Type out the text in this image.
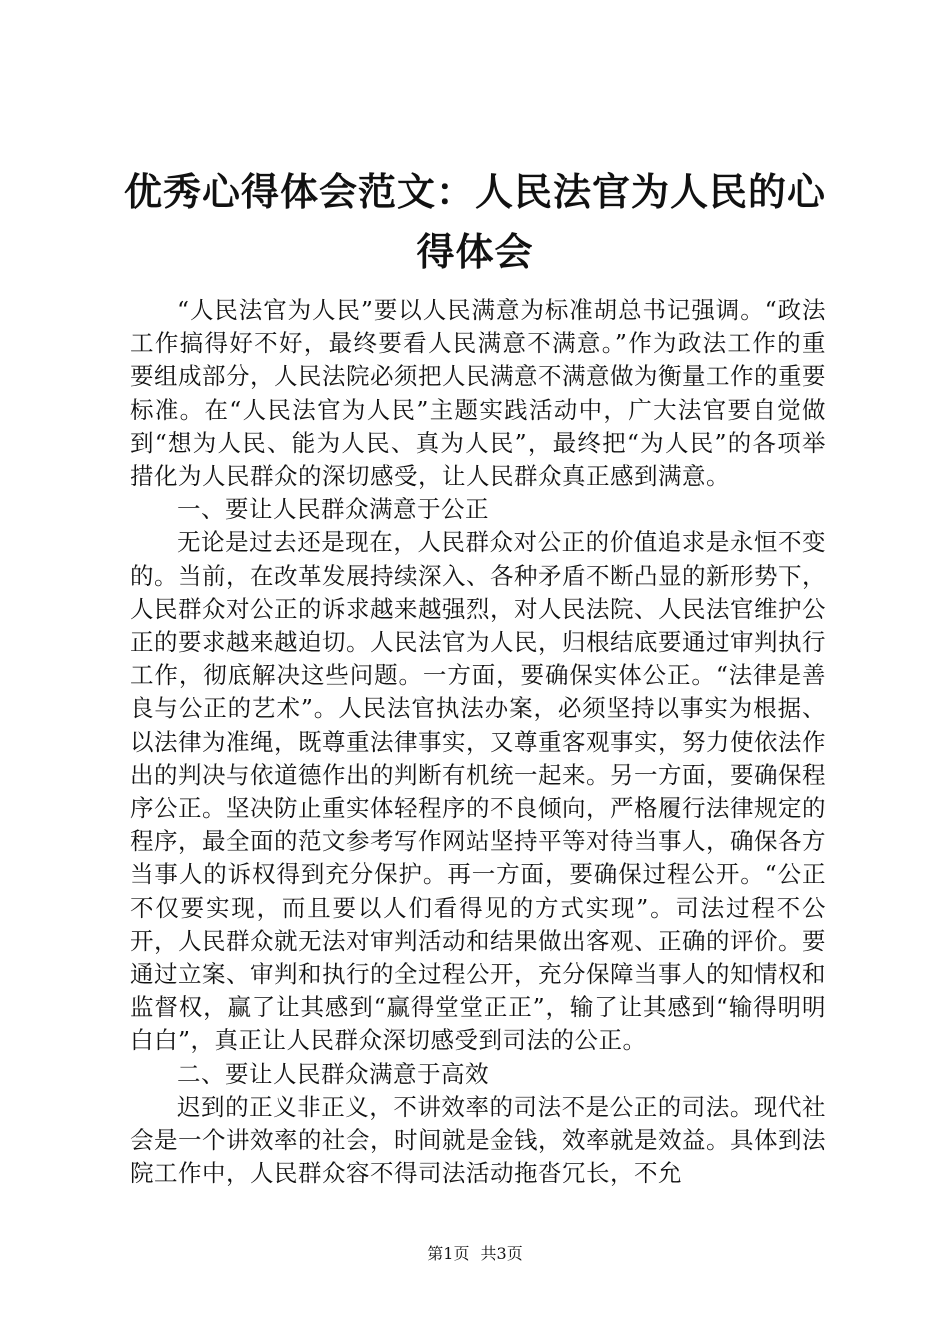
优秀心得体会范文：人民法官为人民的心得体会

“人民法官为人民”要以人民满意为标准胡总书记强调。“政法工作搞得好不好，最终要看人民满意不满意。”作为政法工作的重要组成部分，人民法院必须把人民满意不满意做为衡量工作的重要标准。在“人民法官为人民”主题实践活动中，广大法官要自觉做到“想为人民、能为人民、真为人民”，最终把“为人民”的各项举措化为人民群众的深切感受，让人民群众真正感到满意。

一、要让人民群众满意于公正

无论是过去还是现在，人民群众对公正的价值追求是永恒不变的。当前，在改革发展持续深入、各种矛盾不断凸显的新形势下，人民群众对公正的诉求越来越强烈，对人民法院、人民法官维护公正的要求越来越迫切。人民法官为人民，归根结底要通过审判执行工作，彻底解决这些问题。一方面，要确保实体公正。“法律是善良与公正的艺术”。人民法官执法办案，必须坚持以事实为根据、以法律为准绳，既尊重法律事实，又尊重客观事实，努力使依法作出的判决与依道德作出的判断有机统一起来。另一方面，要确保程序公正。坚决防止重实体轻程序的不良倾向，严格履行法律规定的程序，最全面的范文参考写作网站坚持平等对待当事人，确保各方当事人的诉权得到充分保护。再一方面，要确保过程公开。“公正不仅要实现，而且要以人们看得见的方式实现”。司法过程不公开，人民群众就无法对审判活动和结果做出客观、正确的评价。要通过立案、审判和执行的全过程公开，充分保障当事人的知情权和监督权，赢了让其感到“赢得堂堂正正”，输了让其感到“输得明明白白”，真正让人民群众深切感受到司法的公正。

二、要让人民群众满意于高效

迟到的正义非正义，不讲效率的司法不是公正的司法。现代社会是一个讲效率的社会，时间就是金钱，效率就是效益。具体到法院工作中，人民群众容不得司法活动拖沓冗长，不允

第1页 共3页
